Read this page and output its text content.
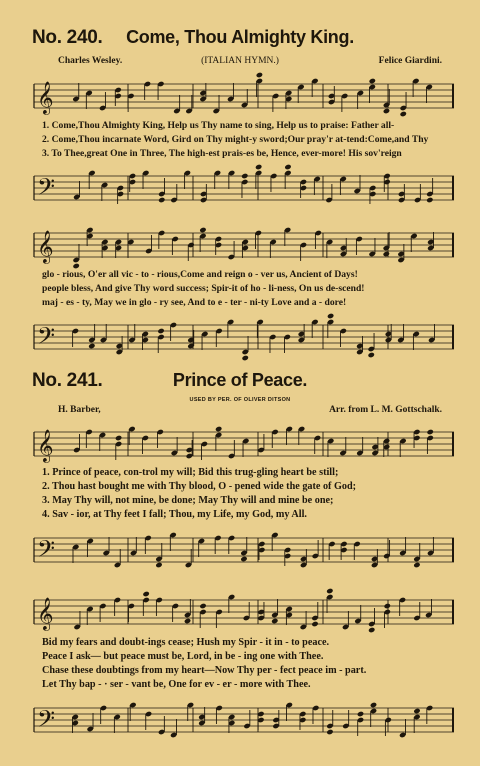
No. 240.	Come, Thou Almighty King.
Charles Wesley.	(ITALIAN HYMN.)	Felice Giardini.
𝄞
1. Come,Thou Almighty King, Help us Thy name to sing, Help us to praise: Father all-
2. Come,Thou incarnate Word, Gird on Thy might-y sword;Our pray'r at-tend:Come,and Thy
3. To Thee,great One in Three, The high-est prais-es be, Hence, ever-more! His sov'reign
𝄢
𝄞
glo - rious, O'er all vic - to - rious,Come and reign o - ver us, Ancient of Days!
people bless, And give Thy word success; Spir-it of ho - li-ness, On us de-scend!
maj - es - ty, May we in glo - ry see, And to e - ter - ni-ty Love and a - dore!
𝄢
No. 241.	Prince of Peace.
USED BY PER. OF OLIVER DITSON
H. Barber,	Arr. from L. M. Gottschalk.
𝄞
1. Prince of peace, con-trol my will; Bid this trug-gling heart be still;
2. Thou hast bought me with Thy blood, O - pened wide the gate of God;
3. May Thy will, not mine, be done; May Thy will and mine be one;
4. Sav - ior, at Thy feet I fall; Thou, my Life, my God, my All.
𝄢
𝄞
Bid my fears and doubt-ings cease; Hush my Spir - it in - to peace.
Peace I ask— but peace must be, Lord, in be - ing one with Thee.
Chase these doubtings from my heart—Now Thy per - fect peace im - part.
Let Thy bap - · ser - vant be, One for ev - er - more with Thee.
𝄢
